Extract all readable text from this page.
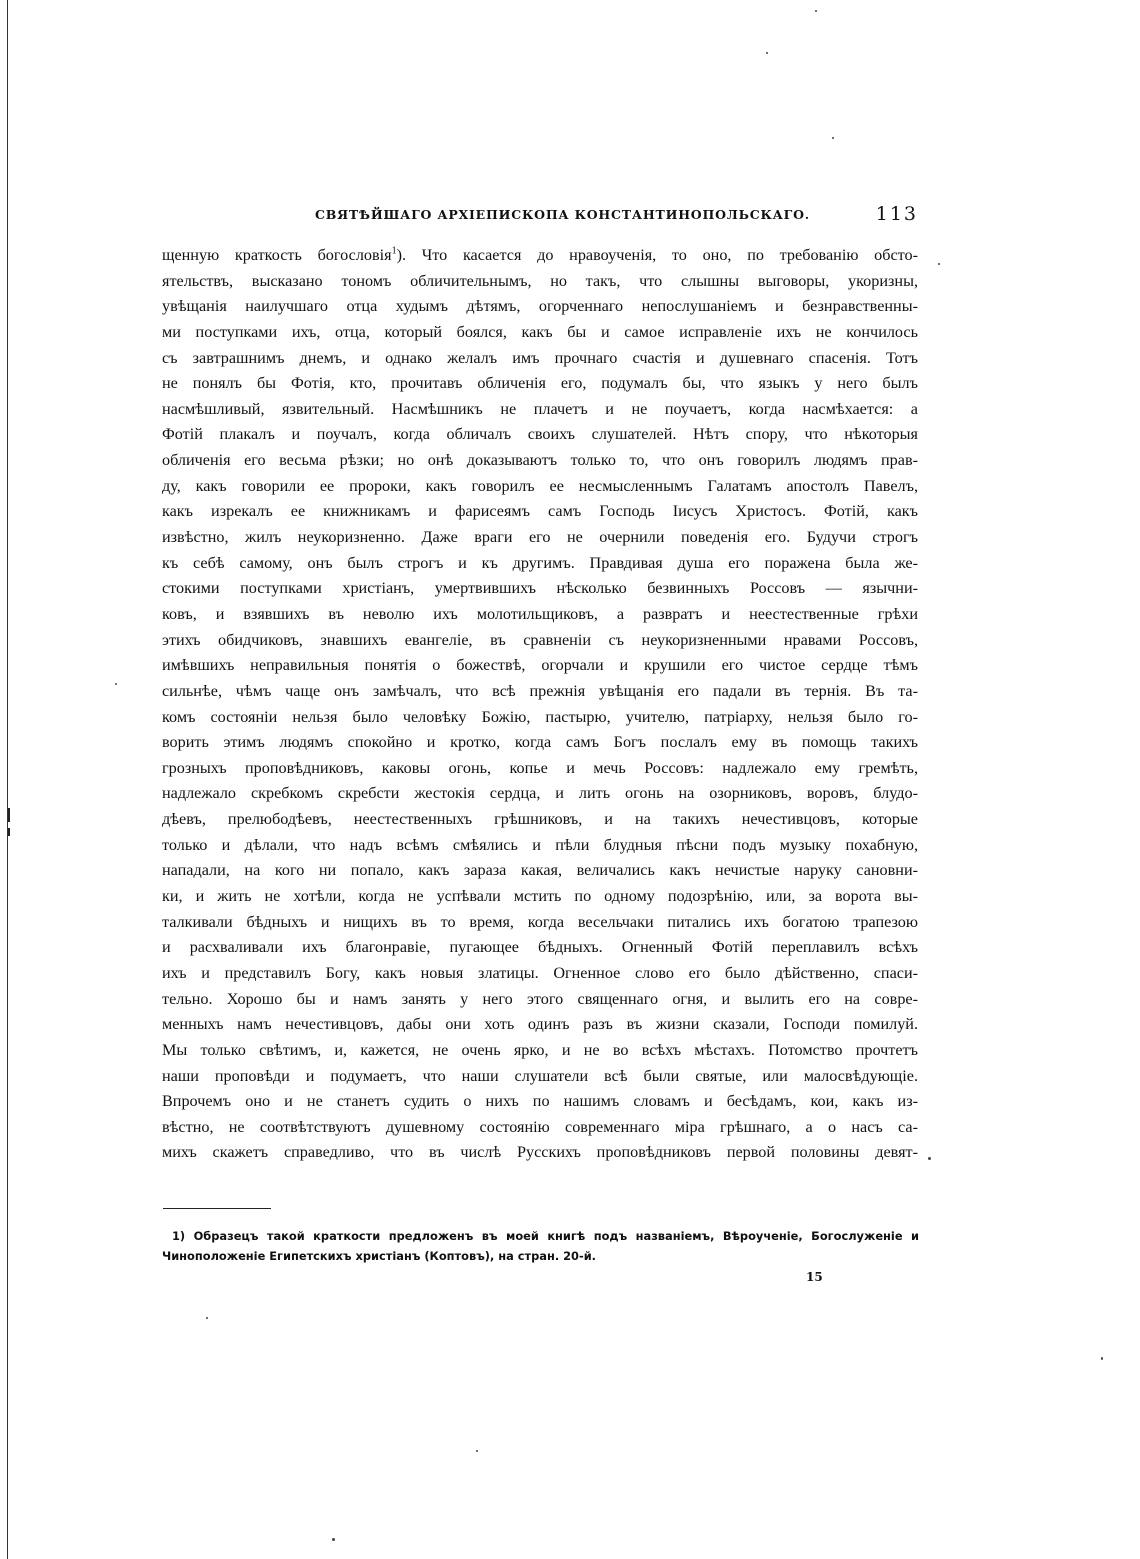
СВЯТѢЙШАГО АРХІЕПИСКОПА КОНСТАНТИНОПОЛЬСКАГО.	113
щенную краткость богословія$^1$). Что касается до нравоученія, то оно, по требованію обсто-
ятельствъ, высказано тономъ обличительнымъ, но такъ, что слышны выговоры, укоризны,
увѣщанія наилучшаго отца худымъ дѣтямъ, огорченнаго непослушаніемъ и безнравственны-
ми поступками ихъ, отца, который боялся, какъ бы и самое исправленіе ихъ не кончилось
съ завтрашнимъ днемъ, и однако желалъ имъ прочнаго счастія и душевнаго спасенія. Тотъ
не понялъ бы Фотія, кто, прочитавъ обличенія его, подумалъ бы, что языкъ у него былъ
насмѣшливый, язвительный. Насмѣшникъ не плачетъ и не поучаетъ, когда насмѣхается: а
Фотій плакалъ и поучалъ, когда обличалъ своихъ слушателей. Нѣтъ спору, что нѣкоторыя
обличенія его весьма рѣзки; но онѣ доказываютъ только то, что онъ говорилъ людямъ прав-
ду, какъ говорили ее пророки, какъ говорилъ ее несмысленнымъ Галатамъ апостолъ Павелъ,
какъ изрекалъ ее книжникамъ и фарисеямъ самъ Господь Іисусъ Христосъ. Фотій, какъ
извѣстно, жилъ неукоризненно. Даже враги его не очернили поведенія его. Будучи строгъ
къ себѣ самому, онъ былъ строгъ и къ другимъ. Правдивая душа его поражена была же-
стокими поступками христіанъ, умертвившихъ нѣсколько безвинныхъ Россовъ — язычни-
ковъ, и взявшихъ въ неволю ихъ молотильщиковъ, а развратъ и неестественные грѣхи
этихъ обидчиковъ, знавшихъ евангеліе, въ сравненіи съ неукоризненными нравами Россовъ,
имѣвшихъ неправильныя понятія о божествѣ, огорчали и крушили его чистое сердце тѣмъ
сильнѣе, чѣмъ чаще онъ замѣчалъ, что всѣ прежнія увѣщанія его падали въ тернія. Въ та-
комъ состояніи нельзя было человѣку Божію, пастырю, учителю, патріарху, нельзя было го-
ворить этимъ людямъ спокойно и кротко, когда самъ Богъ послалъ ему въ помощь такихъ
грозныхъ проповѣдниковъ, каковы огонь, копье и мечь Россовъ: надлежало ему гремѣть,
надлежало скребкомъ скребсти жестокія сердца, и лить огонь на озорниковъ, воровъ, блудо-
дѣевъ, прелюбодѣевъ, неестественныхъ грѣшниковъ, и на такихъ нечестивцовъ, которые
только и дѣлали, что надъ всѣмъ смѣялись и пѣли блудныя пѣсни подъ музыку похабную,
нападали, на кого ни попало, какъ зараза какая, величались какъ нечистые наруку сановни-
ки, и жить не хотѣли, когда не успѣвали мстить по одному подозрѣнію, или, за ворота вы-
талкивали бѣдныхъ и нищихъ въ то время, когда весельчаки питались ихъ богатою трапезою
и расхваливали ихъ благонравіе, пугающее бѣдныхъ. Огненный Фотій переплавилъ всѣхъ
ихъ и представилъ Богу, какъ новыя златицы. Огненное слово его было дѣйственно, спаси-
тельно. Хорошо бы и намъ занять у него этого священнаго огня, и вылить его на совре-
менныхъ намъ нечестивцовъ, дабы они хоть одинъ разъ въ жизни сказали, Господи помилуй.
Мы только свѣтимъ, и, кажется, не очень ярко, и не во всѣхъ мѣстахъ. Потомство прочтетъ
наши проповѣди и подумаетъ, что наши слушатели всѣ были святые, или малосвѣдующіе.
Впрочемъ оно и не станетъ судить о нихъ по нашимъ словамъ и бесѣдамъ, кои, какъ из-
вѣстно, не соотвѣтствуютъ душевному состоянію современнаго міра грѣшнаго, а о насъ са-
михъ скажетъ справедливо, что въ числѣ Русскихъ проповѣдниковъ первой половины девят-
1) Образецъ такой краткости предложенъ въ моей книгѣ подъ названіемъ, Вѣроученіе, Богослуженіе и
Чиноположеніе Египетскихъ христіанъ (Коптовъ), на стран. 20-й.
15
